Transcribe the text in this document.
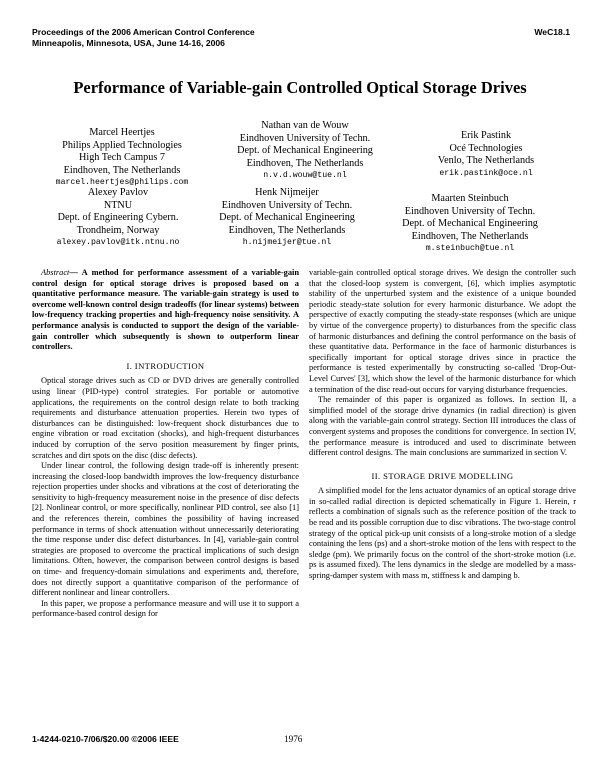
Proceedings of the 2006 American Control Conference
Minneapolis, Minnesota, USA, June 14-16, 2006
WeC18.1
Performance of Variable-gain Controlled Optical Storage Drives
Marcel Heertjes
Philips Applied Technologies
High Tech Campus 7
Eindhoven, The Netherlands
marcel.heertjes@philips.com
Nathan van de Wouw
Eindhoven University of Techn.
Dept. of Mechanical Engineering
Eindhoven, The Netherlands
n.v.d.wouw@tue.nl
Erik Pastink
Océ Technologies
Venlo, The Netherlands
erik.pastink@oce.nl
Alexey Pavlov
NTNU
Dept. of Engineering Cybern.
Trondheim, Norway
alexey.pavlov@itk.ntnu.no
Henk Nijmeijer
Eindhoven University of Techn.
Dept. of Mechanical Engineering
Eindhoven, The Netherlands
h.nijmeijer@tue.nl
Maarten Steinbuch
Eindhoven University of Techn.
Dept. of Mechanical Engineering
Eindhoven, The Netherlands
m.steinbuch@tue.nl

Abstract— A method for performance assessment of a variable-gain control design for optical storage drives is proposed based on a quantitative performance measure. The variable-gain strategy is used to overcome well-known control design tradeoffs (for linear systems) between low-frequency tracking properties and high-frequency noise sensitivity. A performance analysis is conducted to support the design of the variable-gain controller which subsequently is shown to outperform linear controllers.

I. INTRODUCTION

Optical storage drives such as CD or DVD drives are generally controlled using linear (PID-type) control strategies. For portable or automotive applications, the requirements on the control design relate to both tracking requirements and disturbance attenuation properties. Herein two types of disturbances can be distinguished: low-frequent shock disturbances due to engine vibration or road excitation (shocks), and high-frequent disturbances induced by corruption of the servo position measurement by finger prints, scratches and dirt spots on the disc (disc defects).

Under linear control, the following design trade-off is inherently present: increasing the closed-loop bandwidth improves the low-frequency disturbance rejection properties under shocks and vibrations at the cost of deteriorating the sensitivity to high-frequency measurement noise in the presence of disc defects [2]. Nonlinear control, or more specifically, nonlinear PID control, see also [1] and the references therein, combines the possibility of having increased performance in terms of shock attenuation without unnecessarily deteriorating the time response under disc defect disturbances. In [4], variable-gain control strategies are proposed to overcome the practical implications of such design limitations. Often, however, the comparison between control designs is based on time- and frequency-domain simulations and experiments and, therefore, does not directly support a quantitative comparison of the performance of different nonlinear and linear controllers.

In this paper, we propose a performance measure and will use it to support a performance-based control design for

variable-gain controlled optical storage drives. We design the controller such that the closed-loop system is convergent, [6], which implies asymptotic stability of the unperturbed system and the existence of a unique bounded periodic steady-state solution for every harmonic disturbance. We adopt the perspective of exactly computing the steady-state responses (which are unique by virtue of the convergence property) to disturbances from the specific class of harmonic disturbances and defining the control performance on the basis of these quantitative data. Performance in the face of harmonic disturbances is specifically important for optical storage drives since in practice the performance is tested experimentally by constructing so-called 'Drop-Out-Level Curves' [3], which show the level of the harmonic disturbance for which a termination of the disc read-out occurs for varying disturbance frequencies.

The remainder of this paper is organized as follows. In section II, a simplified model of the storage drive dynamics (in radial direction) is given along with the variable-gain control strategy. Section III introduces the class of convergent systems and proposes the conditions for convergence. In section IV, the performance measure is introduced and used to discriminate between different control designs. The main conclusions are summarized in section V.

II. STORAGE DRIVE MODELLING

A simplified model for the lens actuator dynamics of an optical storage drive in so-called radial direction is depicted schematically in Figure 1. Herein, r reflects a combination of signals such as the reference position of the track to be read and its possible corruption due to disc vibrations. The two-stage control strategy of the optical pick-up unit consists of a long-stroke motion of a sledge containing the lens (ps) and a short-stroke motion of the lens with respect to the sledge (pm). We primarily focus on the control of the short-stroke motion (i.e. ps is assumed fixed). The lens dynamics in the sledge are modelled by a mass-spring-damper system with mass m, stiffness k and damping b.

1-4244-0210-7/06/$20.00 ©2006 IEEE	1976
